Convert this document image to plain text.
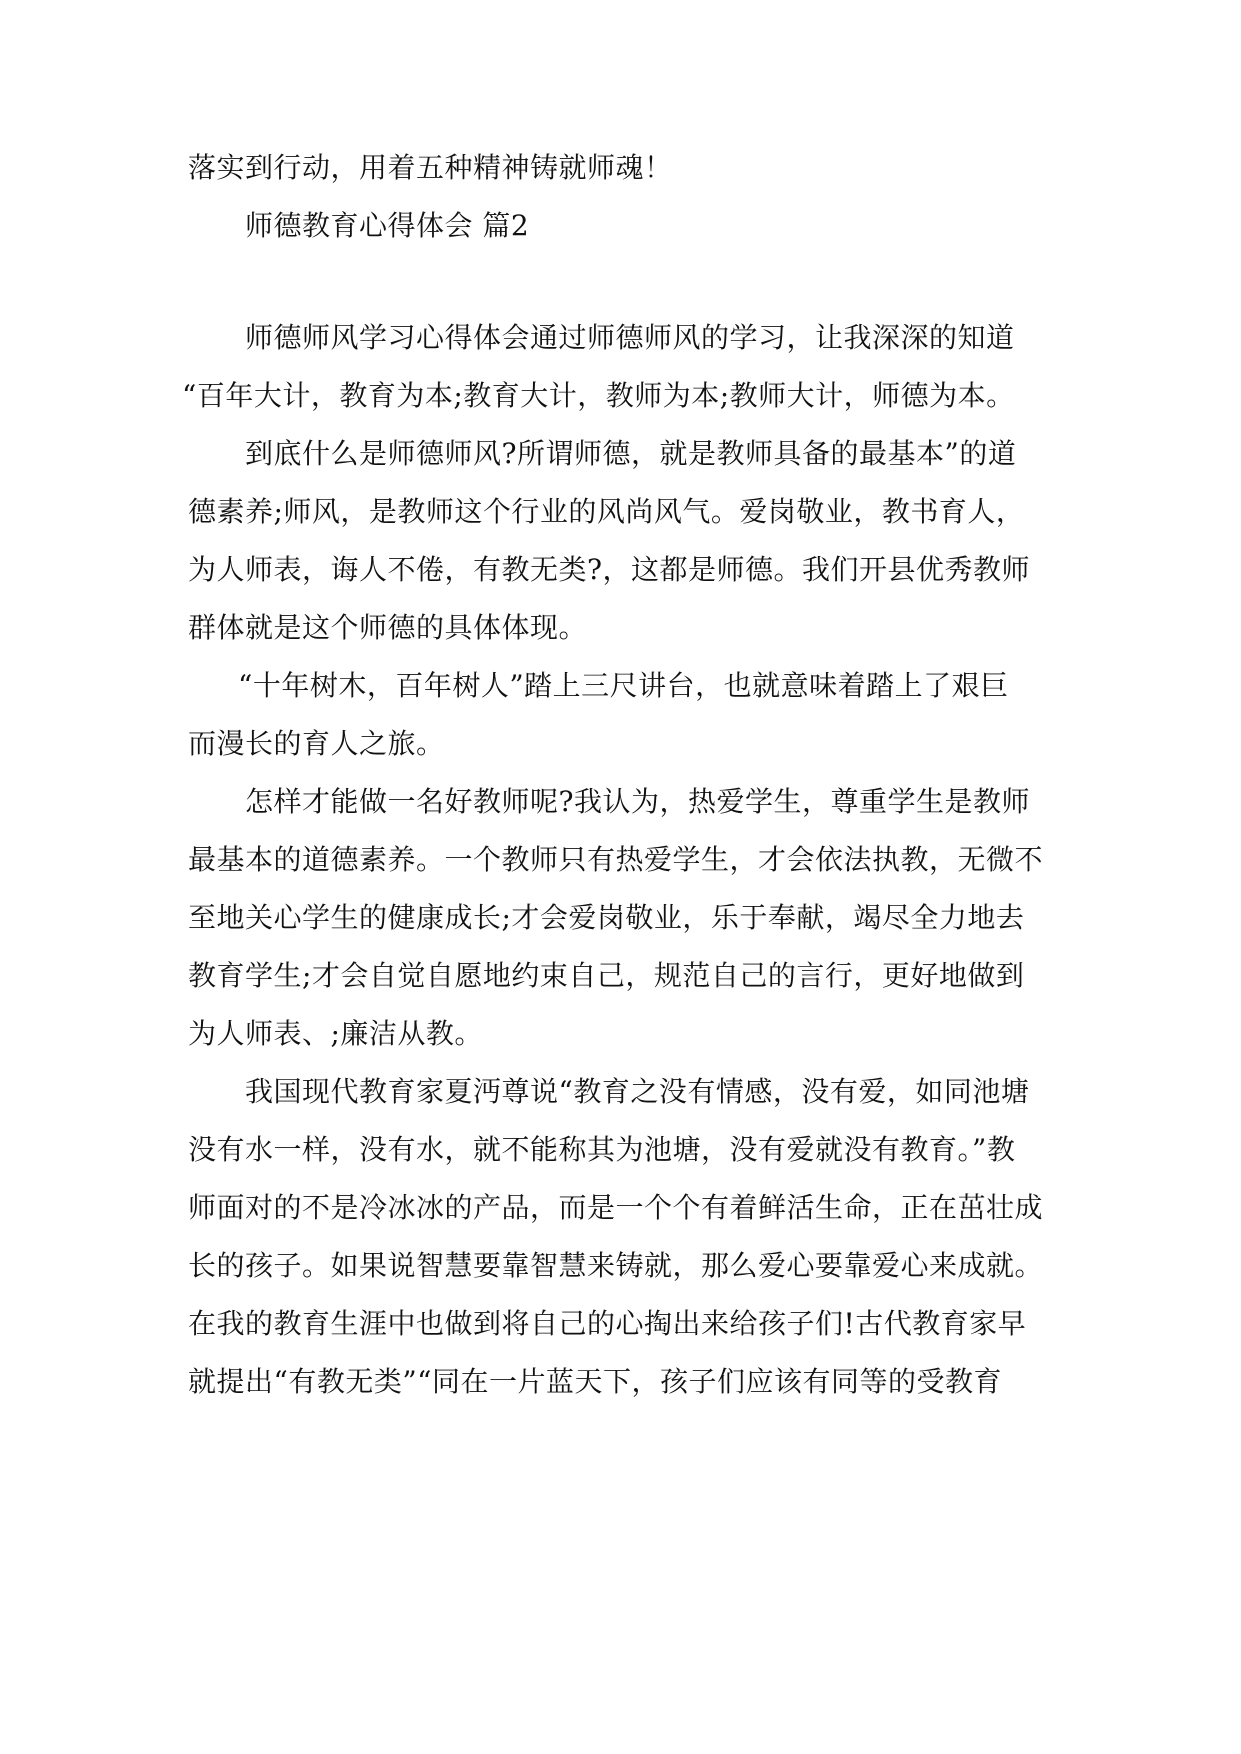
落实到行动，用着五种精神铸就师魂！
师德教育心得体会 篇2
师德师风学习心得体会通过师德师风的学习，让我深深的知道
“百年大计，教育为本;教育大计，教师为本;教师大计，师德为本。
到底什么是师德师风?所谓师德，就是教师具备的最基本”的道
德素养;师风，是教师这个行业的风尚风气。爱岗敬业，教书育人，
为人师表，诲人不倦，有教无类?，这都是师德。我们开县优秀教师
群体就是这个师德的具体体现。
“十年树木，百年树人”踏上三尺讲台，也就意味着踏上了艰巨
而漫长的育人之旅。
怎样才能做一名好教师呢?我认为，热爱学生，尊重学生是教师
最基本的道德素养。一个教师只有热爱学生，才会依法执教，无微不
至地关心学生的健康成长;才会爱岗敬业，乐于奉献，竭尽全力地去
教育学生;才会自觉自愿地约束自己，规范自己的言行，更好地做到
为人师表、;廉洁从教。
我国现代教育家夏沔尊说“教育之没有情感，没有爱，如同池塘
没有水一样，没有水，就不能称其为池塘，没有爱就没有教育。”教
师面对的不是冷冰冰的产品，而是一个个有着鲜活生命，正在茁壮成
长的孩子。如果说智慧要靠智慧来铸就，那么爱心要靠爱心来成就。
在我的教育生涯中也做到将自己的心掏出来给孩子们!古代教育家早
就提出“有教无类”“同在一片蓝天下，孩子们应该有同等的受教育
